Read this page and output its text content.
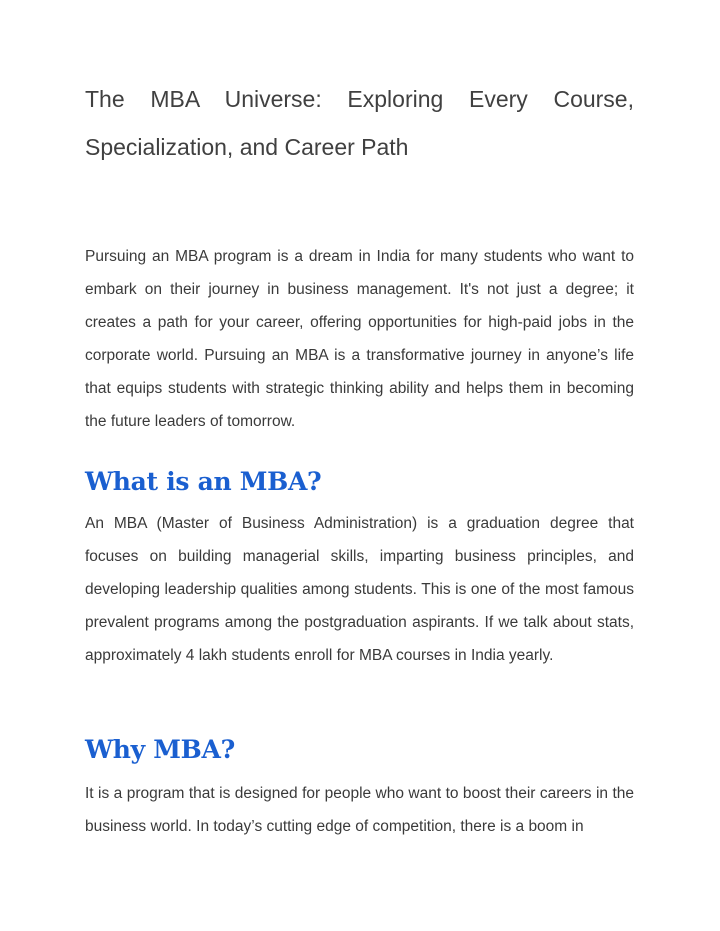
The MBA Universe: Exploring Every Course, Specialization, and Career Path

Pursuing an MBA program is a dream in India for many students who want to embark on their journey in business management. It's not just a degree; it creates a path for your career, offering opportunities for high-paid jobs in the corporate world. Pursuing an MBA is a transformative journey in anyone’s life that equips students with strategic thinking ability and helps them in becoming the future leaders of tomorrow.

What is an MBA?

An MBA (Master of Business Administration) is a graduation degree that focuses on building managerial skills, imparting business principles, and developing leadership qualities among students. This is one of the most famous prevalent programs among the postgraduation aspirants. If we talk about stats, approximately 4 lakh students enroll for MBA courses in India yearly.

Why MBA?

It is a program that is designed for people who want to boost their careers in the business world. In today’s cutting edge of competition, there is a boom in
